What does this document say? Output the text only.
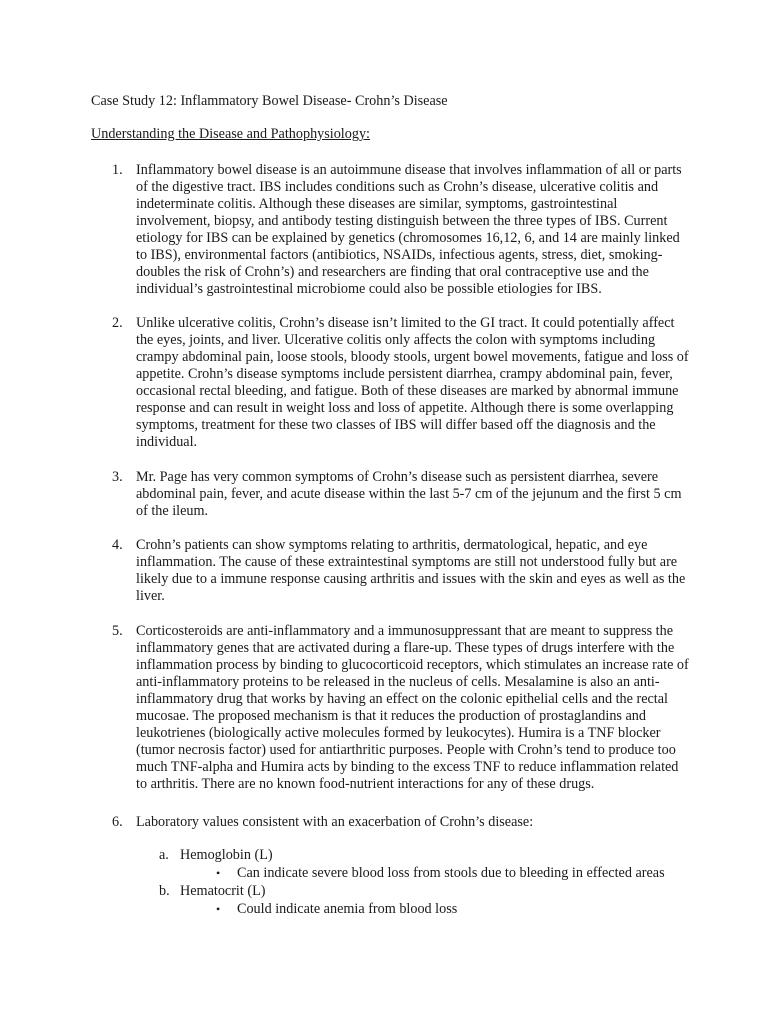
Case Study 12: Inflammatory Bowel Disease- Crohn’s Disease
Understanding the Disease and Pathophysiology:
1. Inflammatory bowel disease is an autoimmune disease that involves inflammation of all or parts
of the digestive tract. IBS includes conditions such as Crohn’s disease, ulcerative colitis and
indeterminate colitis. Although these diseases are similar, symptoms, gastrointestinal
involvement, biopsy, and antibody testing distinguish between the three types of IBS. Current
etiology for IBS can be explained by genetics (chromosomes 16,12, 6, and 14 are mainly linked
to IBS), environmental factors (antibiotics, NSAIDs, infectious agents, stress, diet, smoking-
doubles the risk of Crohn’s) and researchers are finding that oral contraceptive use and the
individual’s gastrointestinal microbiome could also be possible etiologies for IBS.

2. Unlike ulcerative colitis, Crohn’s disease isn’t limited to the GI tract. It could potentially affect
the eyes, joints, and liver. Ulcerative colitis only affects the colon with symptoms including
crampy abdominal pain, loose stools, bloody stools, urgent bowel movements, fatigue and loss of
appetite. Crohn’s disease symptoms include persistent diarrhea, crampy abdominal pain, fever,
occasional rectal bleeding, and fatigue. Both of these diseases are marked by abnormal immune
response and can result in weight loss and loss of appetite. Although there is some overlapping
symptoms, treatment for these two classes of IBS will differ based off the diagnosis and the
individual.

3. Mr. Page has very common symptoms of Crohn’s disease such as persistent diarrhea, severe
abdominal pain, fever, and acute disease within the last 5-7 cm of the jejunum and the first 5 cm
of the ileum.

4. Crohn’s patients can show symptoms relating to arthritis, dermatological, hepatic, and eye
inflammation. The cause of these extraintestinal symptoms are still not understood fully but are
likely due to a immune response causing arthritis and issues with the skin and eyes as well as the
liver.

5. Corticosteroids are anti-inflammatory and a immunosuppressant that are meant to suppress the
inflammatory genes that are activated during a flare-up. These types of drugs interfere with the
inflammation process by binding to glucocorticoid receptors, which stimulates an increase rate of
anti-inflammatory proteins to be released in the nucleus of cells. Mesalamine is also an anti-
inflammatory drug that works by having an effect on the colonic epithelial cells and the rectal
mucosae. The proposed mechanism is that it reduces the production of prostaglandins and
leukotrienes (biologically active molecules formed by leukocytes). Humira is a TNF blocker
(tumor necrosis factor) used for antiarthritic purposes. People with Crohn’s tend to produce too
much TNF-alpha and Humira acts by binding to the excess TNF to reduce inflammation related
to arthritis. There are no known food-nutrient interactions for any of these drugs.

6. Laboratory values consistent with an exacerbation of Crohn’s disease:

a. Hemoglobin (L)
• Can indicate severe blood loss from stools due to bleeding in effected areas
b. Hematocrit (L)
• Could indicate anemia from blood loss
